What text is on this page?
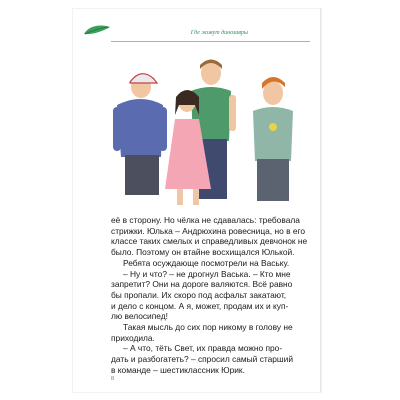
Где живут динозавры

её в сторону. Но чёлка не сдавалась: требовала

стрижки. Юлька – Андрюхина ровесница, но в его

классе таких смелых и справедливых девчонок не

было. Поэтому он втайне восхищался Юлькой.

Ребята осуждающе посмотрели на Ваську.

– Ну и что? – не дрогнул Васька. – Кто мне

запретит? Они на дороге валяются. Всё равно

бы пропали. Их скоро под асфальт закатают,

и дело с концом. А я, может, продам их и куп-

лю велосипед!

Такая мысль до сих пор никому в голову не

приходила.

– А что, тёть Свет, их правда можно про-

дать и разбогатеть? – спросил самый старший

в команде – шестиклассник Юрик.

8
